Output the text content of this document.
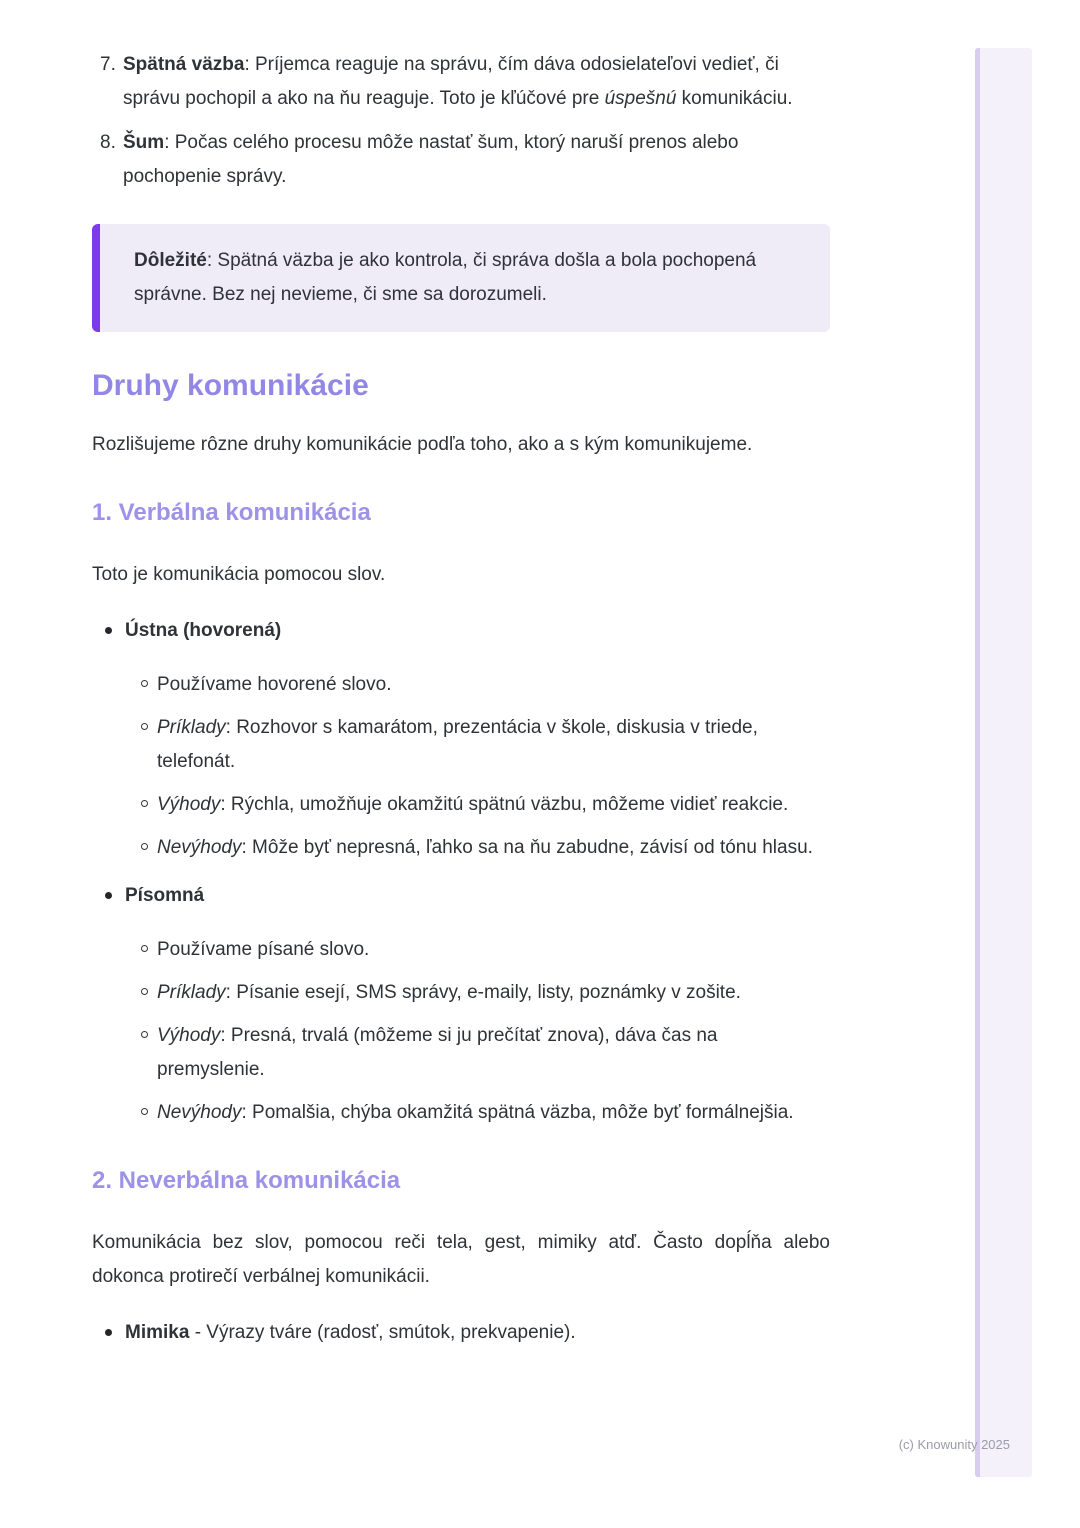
7. Spätná väzba: Príjemca reaguje na správu, čím dáva odosielateľovi vedieť, či správu pochopil a ako na ňu reaguje. Toto je kľúčové pre úspešnú komunikáciu.
8. Šum: Počas celého procesu môže nastať šum, ktorý naruší prenos alebo pochopenie správy.
Dôležité: Spätná väzba je ako kontrola, či správa došla a bola pochopená správne. Bez nej nevieme, či sme sa dorozumeli.
Druhy komunikácie

Rozlišujeme rôzne druhy komunikácie podľa toho, ako a s kým komunikujeme.

1. Verbálna komunikácia

Toto je komunikácia pomocou slov.

Ústna (hovorená)
Používame hovorené slovo.
Príklady: Rozhovor s kamarátom, prezentácia v škole, diskusia v triede, telefonát.
Výhody: Rýchla, umožňuje okamžitú spätnú väzbu, môžeme vidieť reakcie.
Nevýhody: Môže byť nepresná, ľahko sa na ňu zabudne, závisí od tónu hlasu.
Písomná
Používame písané slovo.
Príklady: Písanie esejí, SMS správy, e-maily, listy, poznámky v zošite.
Výhody: Presná, trvalá (môžeme si ju prečítať znova), dáva čas na premyslenie.
Nevýhody: Pomalšia, chýba okamžitá spätná väzba, môže byť formálnejšia.
2. Neverbálna komunikácia

Komunikácia bez slov, pomocou reči tela, gest, mimiky atď. Často dopĺňa alebo dokonca protirečí verbálnej komunikácii.

Mimika - Výrazy tváre (radosť, smútok, prekvapenie).
(c) Knowunity 2025
